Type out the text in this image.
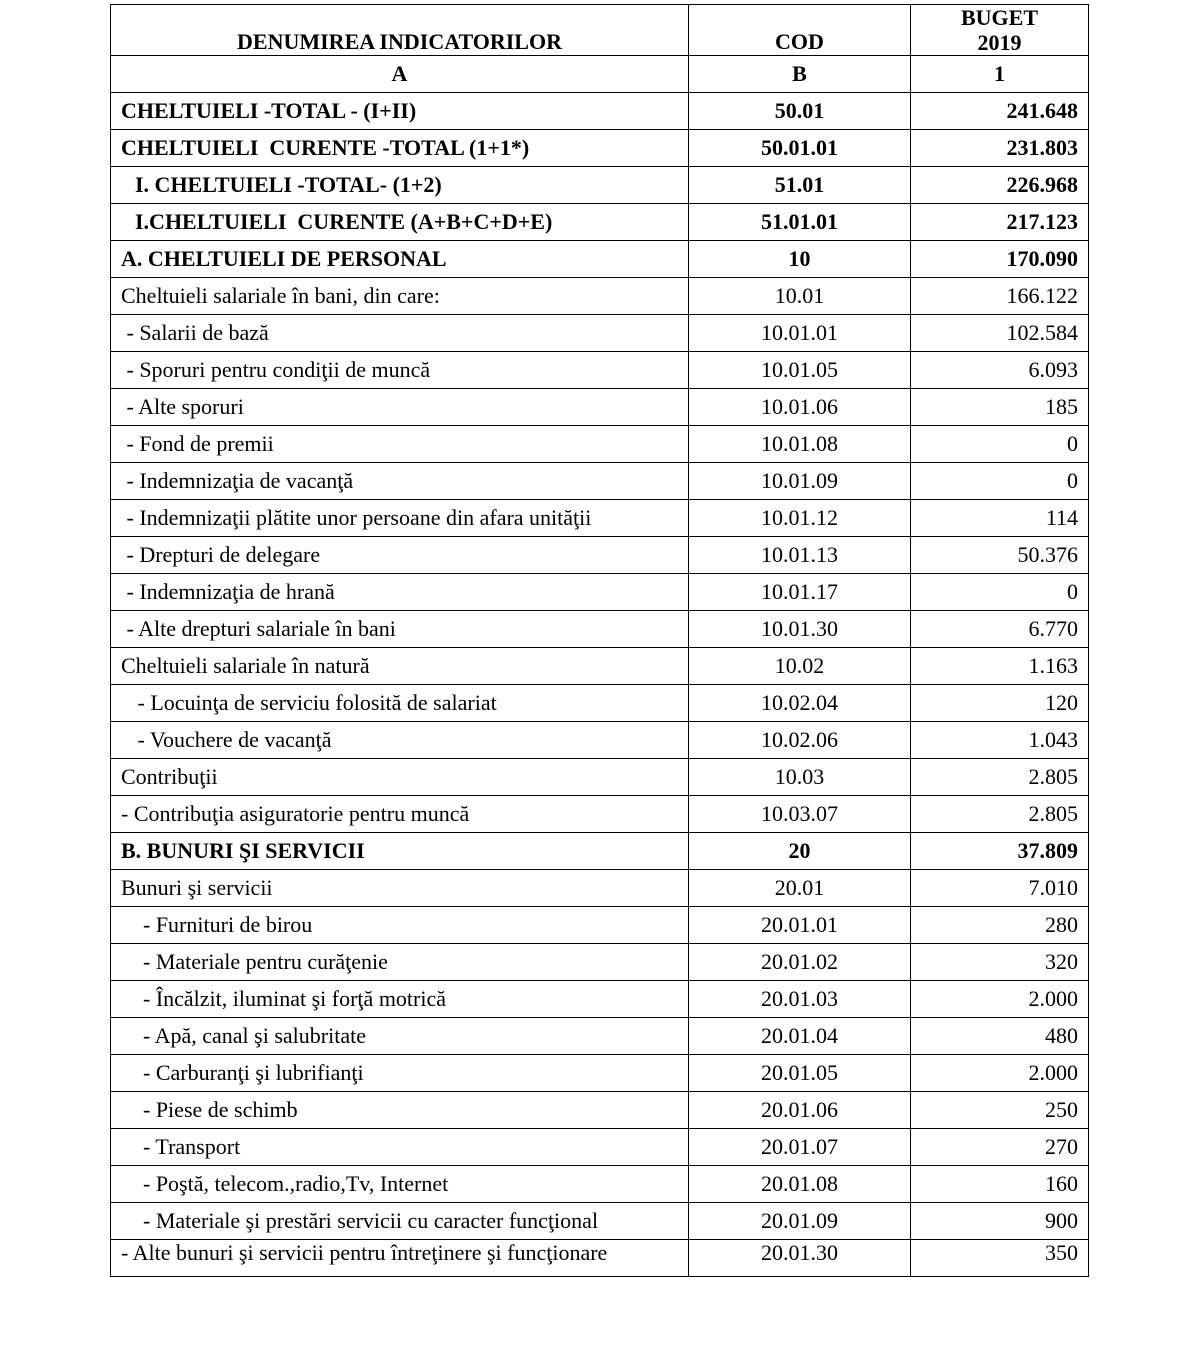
DENUMIREA INDICATORILOR	COD	BUGET
2019
A	B	1
CHELTUIELI -TOTAL - (I+II)	50.01	241.648
CHELTUIELI  CURENTE -TOTAL (1+1*)	50.01.01	231.803
I. CHELTUIELI -TOTAL- (1+2)	51.01	226.968
I.CHELTUIELI  CURENTE (A+B+C+D+E)	51.01.01	217.123
A. CHELTUIELI DE PERSONAL	10	170.090
Cheltuieli salariale în bani, din care:	10.01	166.122
- Salarii de bază	10.01.01	102.584
- Sporuri pentru condiţii de muncă	10.01.05	6.093
- Alte sporuri	10.01.06	185
- Fond de premii	10.01.08	0
- Indemnizaţia de vacanţă	10.01.09	0
- Indemnizaţii plătite unor persoane din afara unităţii	10.01.12	114
- Drepturi de delegare	10.01.13	50.376
- Indemnizaţia de hrană	10.01.17	0
- Alte drepturi salariale în bani	10.01.30	6.770
Cheltuieli salariale în natură	10.02	1.163
- Locuinţa de serviciu folosită de salariat	10.02.04	120
- Vouchere de vacanţă	10.02.06	1.043
Contribuţii	10.03	2.805
- Contribuţia asiguratorie pentru muncă	10.03.07	2.805
B. BUNURI ŞI SERVICII	20	37.809
Bunuri şi servicii	20.01	7.010
- Furnituri de birou	20.01.01	280
- Materiale pentru curăţenie	20.01.02	320
- Încălzit, iluminat şi forţă motrică	20.01.03	2.000
- Apă, canal şi salubritate	20.01.04	480
- Carburanţi şi lubrifianţi	20.01.05	2.000
- Piese de schimb	20.01.06	250
- Transport	20.01.07	270
- Poştă, telecom.,radio,Tv, Internet	20.01.08	160
- Materiale şi prestări servicii cu caracter funcţional	20.01.09	900
- Alte bunuri şi servicii pentru întreţinere şi funcţionare	20.01.30	350
